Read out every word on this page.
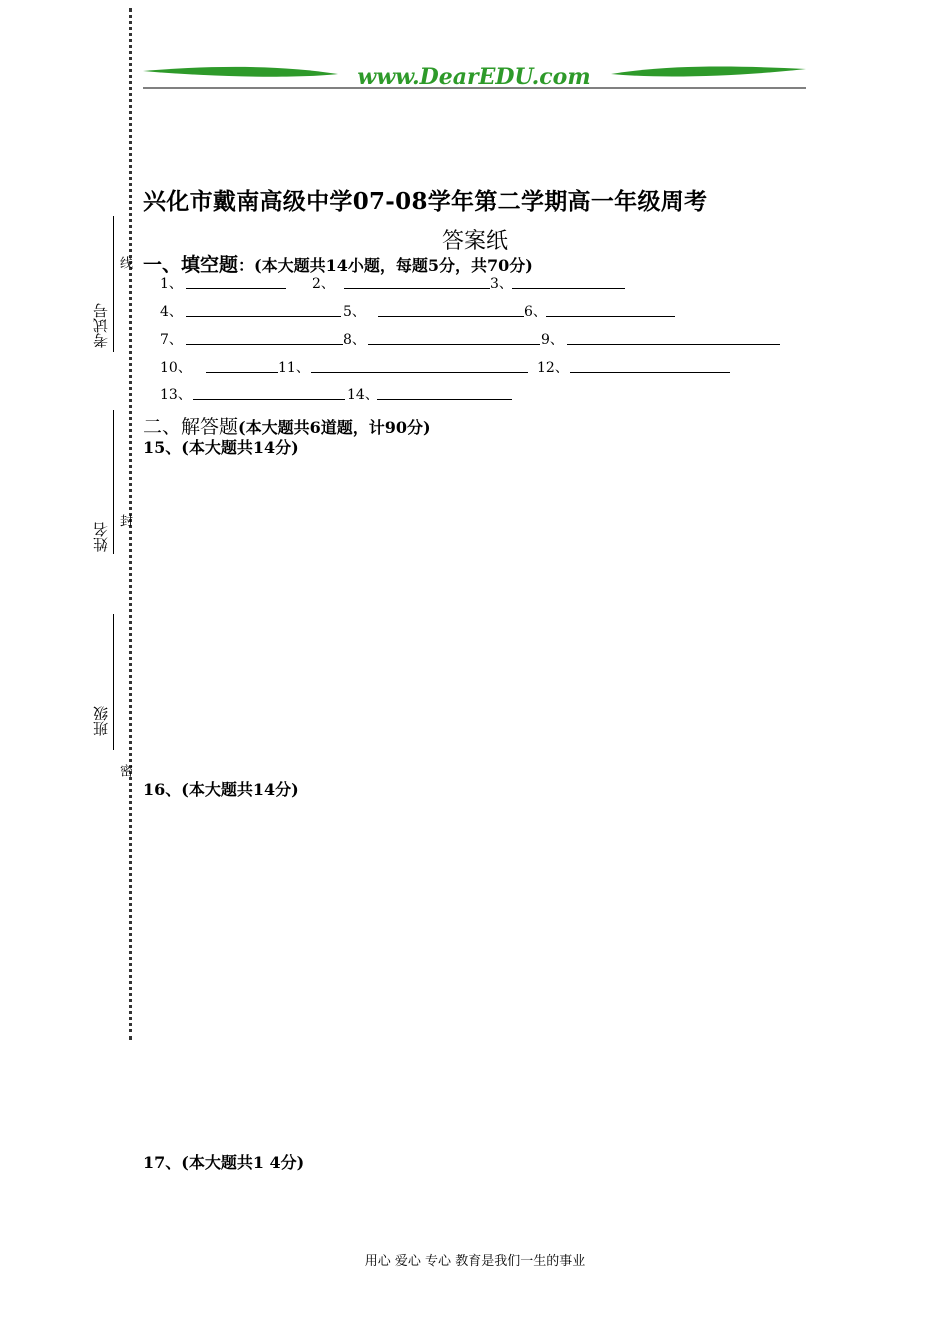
考试号
姓名
班级
线
封
密
www.DearEDU.com
兴化市戴南高级中学07-08学年第二学期高一年级周考
答案纸
一、填空题：(本大题共14小题，每题5分，共70分)
1、	2、	3、
4、	5、	6、
7、	8、	9、
10、	11、	12、
13、	14、
二、解答题(本大题共6道题，计90分)
15、(本大题共14分)
16、(本大题共14分)
17、(本大题共1 4分)
用心 爱心 专心 教育是我们一生的事业
